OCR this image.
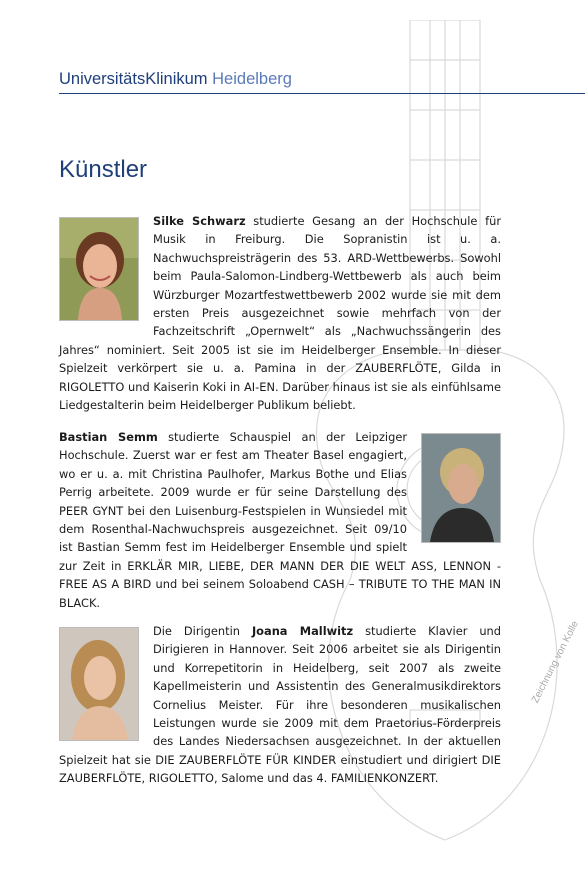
UniversitätsKlinikum Heidelberg
Künstler

Silke Schwarz studierte Gesang an der Hochschule für Musik in Freiburg. Die Sopranistin ist u. a. Nachwuchspreisträgerin des 53. ARD-Wettbewerbs. Sowohl beim Paula-Salomon-Lindberg-Wettbewerb als auch beim Würzburger Mozartfestwettbewerb 2002 wurde sie mit dem ersten Preis ausgezeichnet sowie mehrfach von der Fachzeitschrift „Opernwelt“ als „Nachwuchssängerin des Jahres“ nominiert. Seit 2005 ist sie im Heidelberger Ensemble. In dieser Spielzeit verkörpert sie u. a. Pamina in der ZAUBERFLÖTE, Gilda in RIGOLETTO und Kaiserin Koki in AI-EN. Darüber hinaus ist sie als einfühlsame Liedgestalterin beim Heidelberger Publikum beliebt.

Bastian Semm studierte Schauspiel an der Leipziger Hochschule. Zuerst war er fest am Theater Basel engagiert, wo er u. a. mit Christina Paulhofer, Markus Bothe und Elias Perrig arbeitete. 2009 wurde er für seine Darstellung des PEER GYNT bei den Luisenburg-Festspielen in Wunsiedel mit dem Rosenthal-Nachwuchspreis ausgezeichnet. Seit 09/10 ist Bastian Semm fest im Heidelberger Ensemble und spielt zur Zeit in ERKLÄR MIR, LIEBE, DER MANN DER DIE WELT ASS, LENNON - FREE AS A BIRD und bei seinem Soloabend CASH – TRIBUTE TO THE MAN IN BLACK.

Die Dirigentin Joana Mallwitz studierte Klavier und Dirigieren in Hannover. Seit 2006 arbeitet sie als Dirigentin und Korrepetitorin in Heidelberg, seit 2007 als zweite Kapellmeisterin und Assistentin des Generalmusikdirektors Cornelius Meister. Für ihre besonderen musikalischen Leistungen wurde sie 2009 mit dem Praetorius-Förderpreis des Landes Niedersachsen ausgezeichnet. In der aktuellen Spielzeit hat sie DIE ZAUBERFLÖTE FÜR KINDER einstudiert und dirigiert DIE ZAUBERFLÖTE, RIGOLETTO, Salome und das 4. FAMILIENKONZERT.

Zeichnung von Kolle
